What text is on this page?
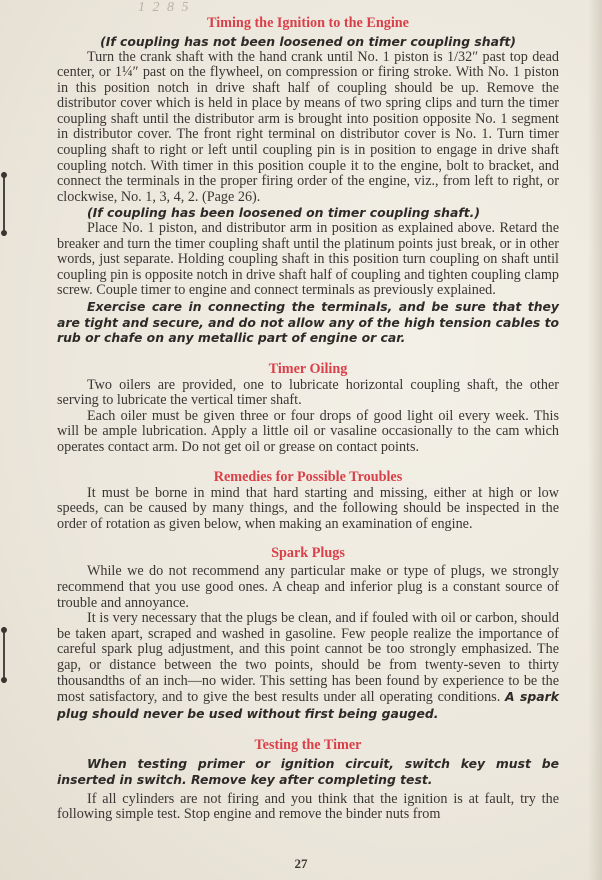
1 2 8 5
Timing the Ignition to the Engine
(If coupling has not been loosened on timer coupling shaft)

Turn the crank shaft with the hand crank until No. 1 piston is 1/32″ past top dead center, or 1¼″ past on the flywheel, on compression or firing stroke. With No. 1 piston in this position notch in drive shaft half of coupling should be up. Remove the distributor cover which is held in place by means of two spring clips and turn the timer coupling shaft until the distributor arm is brought into position opposite No. 1 segment in distributor cover. The front right terminal on distributor cover is No. 1. Turn timer coupling shaft to right or left until coupling pin is in position to engage in drive shaft coupling notch. With timer in this position couple it to the engine, bolt to bracket, and connect the terminals in the proper firing order of the engine, viz., from left to right, or clockwise, No. 1, 3, 4, 2. (Page 26).

(If coupling has been loosened on timer coupling shaft.)

Place No. 1 piston, and distributor arm in position as explained above. Retard the breaker and turn the timer coupling shaft until the platinum points just break, or in other words, just separate. Holding coupling shaft in this position turn coupling on shaft until coupling pin is opposite notch in drive shaft half of coupling and tighten coupling clamp screw. Couple timer to engine and connect terminals as previously explained.

Exercise care in connecting the terminals, and be sure that they are tight and secure, and do not allow any of the high tension cables to rub or chafe on any metallic part of engine or car.
Timer Oiling

Two oilers are provided, one to lubricate horizontal coupling shaft, the other serving to lubricate the vertical timer shaft.

Each oiler must be given three or four drops of good light oil every week. This will be ample lubrication. Apply a little oil or vasaline occasionally to the cam which operates contact arm. Do not get oil or grease on contact points.

Remedies for Possible Troubles

It must be borne in mind that hard starting and missing, either at high or low speeds, can be caused by many things, and the following should be inspected in the order of rotation as given below, when making an examination of engine.

Spark Plugs

While we do not recommend any particular make or type of plugs, we strongly recommend that you use good ones. A cheap and inferior plug is a constant source of trouble and annoyance.

It is very necessary that the plugs be clean, and if fouled with oil or carbon, should be taken apart, scraped and washed in gasoline. Few people realize the importance of careful spark plug adjustment, and this point cannot be too strongly emphasized. The gap, or distance between the two points, should be from twenty-seven to thirty thousandths of an inch—no wider. This setting has been found by experience to be the most satisfactory, and to give the best results under all operating conditions. A spark plug should never be used without first being gauged.

Testing the Timer
When testing primer or ignition circuit, switch key must be inserted in switch. Remove key after completing test.

If all cylinders are not firing and you think that the ignition is at fault, try the following simple test. Stop engine and remove the binder nuts from

27
